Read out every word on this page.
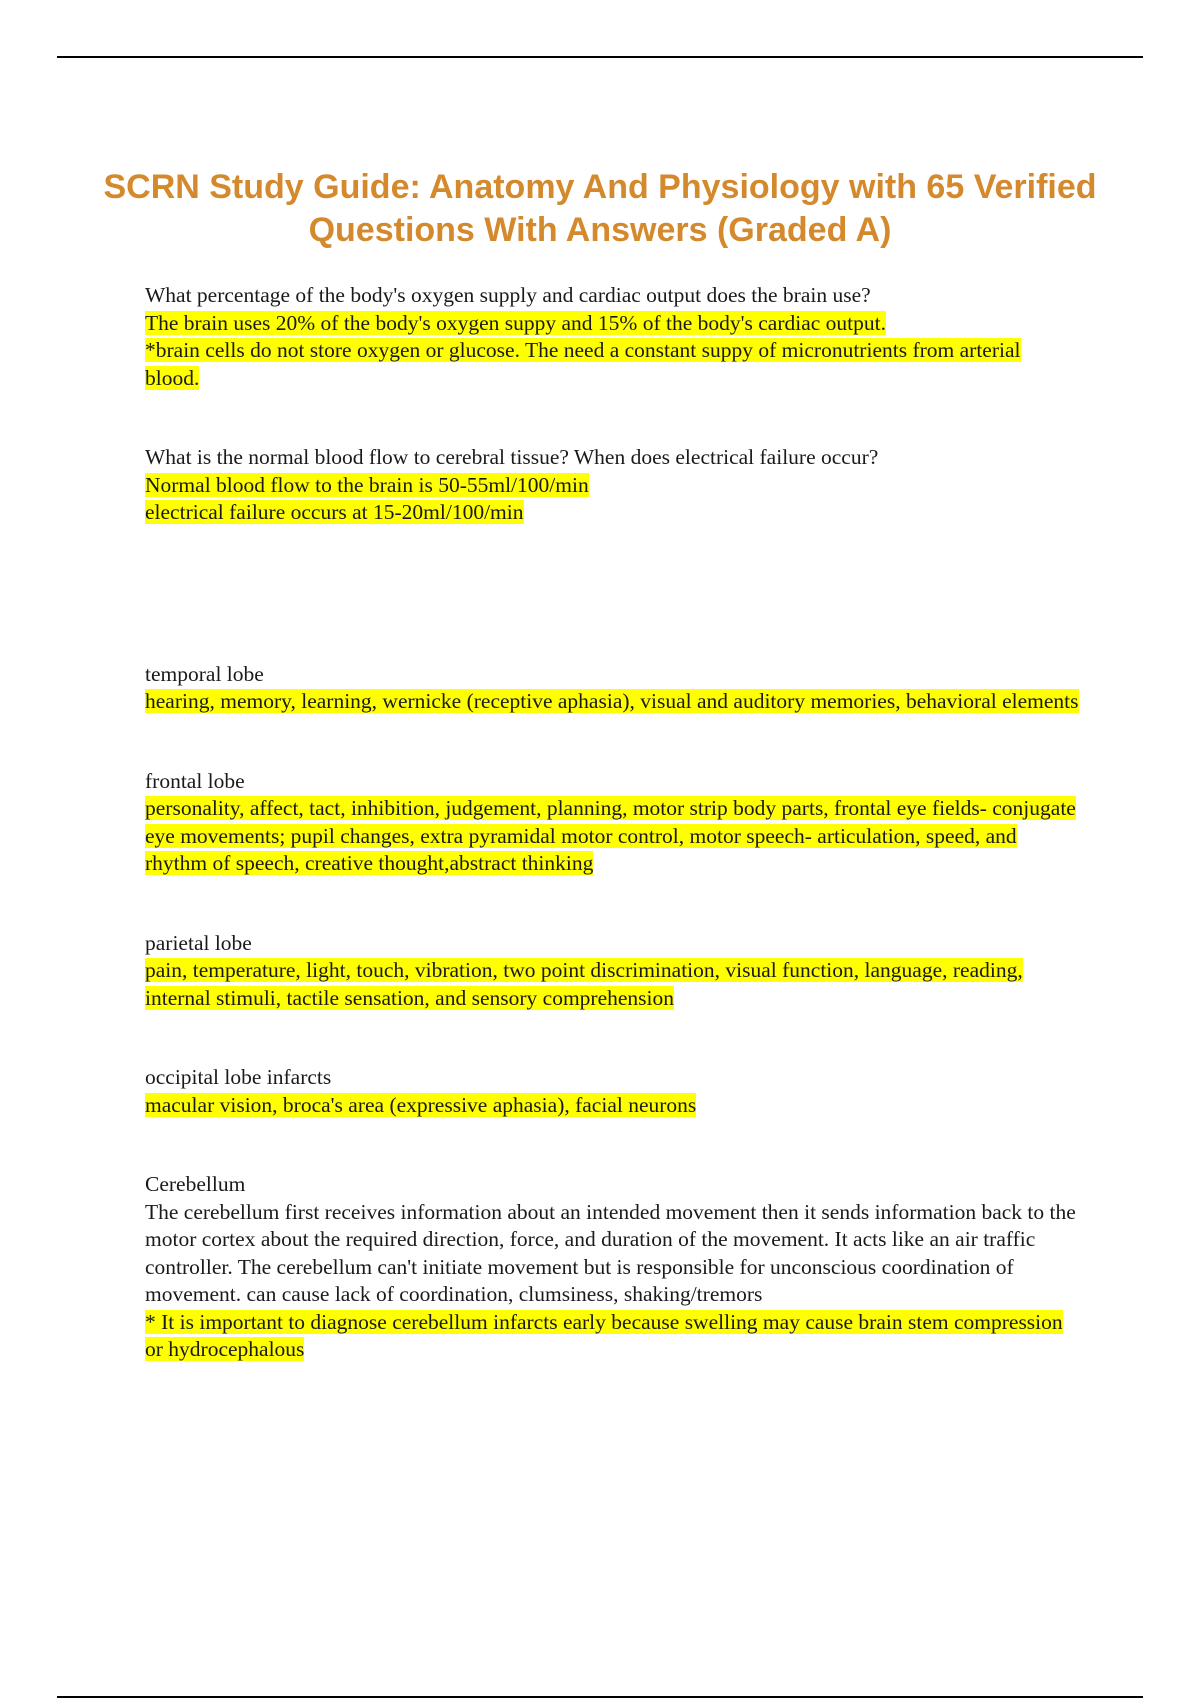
SCRN Study Guide: Anatomy And Physiology with 65 Verified Questions With Answers (Graded A)

What percentage of the body's oxygen supply and cardiac output does the brain use?

The brain uses 20% of the body's oxygen suppy and 15% of the body's cardiac output.

*brain cells do not store oxygen or glucose. The need a constant suppy of micronutrients from arterial blood.

What is the normal blood flow to cerebral tissue? When does electrical failure occur?

Normal blood flow to the brain is 50-55ml/100/min

electrical failure occurs at 15-20ml/100/min

temporal lobe

hearing, memory, learning, wernicke (receptive aphasia), visual and auditory memories, behavioral elements

frontal lobe

personality, affect, tact, inhibition, judgement, planning, motor strip body parts, frontal eye fields- conjugate eye movements; pupil changes, extra pyramidal motor control, motor speech- articulation, speed, and rhythm of speech, creative thought,abstract thinking

parietal lobe

pain, temperature, light, touch, vibration, two point discrimination, visual function, language, reading, internal stimuli, tactile sensation, and sensory comprehension

occipital lobe infarcts

macular vision, broca's area (expressive aphasia), facial neurons

Cerebellum

The cerebellum first receives information about an intended movement then it sends information back to the motor cortex about the required direction, force, and duration of the movement. It acts like an air traffic controller. The cerebellum can't initiate movement but is responsible for unconscious coordination of movement. can cause lack of coordination, clumsiness, shaking/tremors

* It is important to diagnose cerebellum infarcts early because swelling may cause brain stem compression or hydrocephalous
